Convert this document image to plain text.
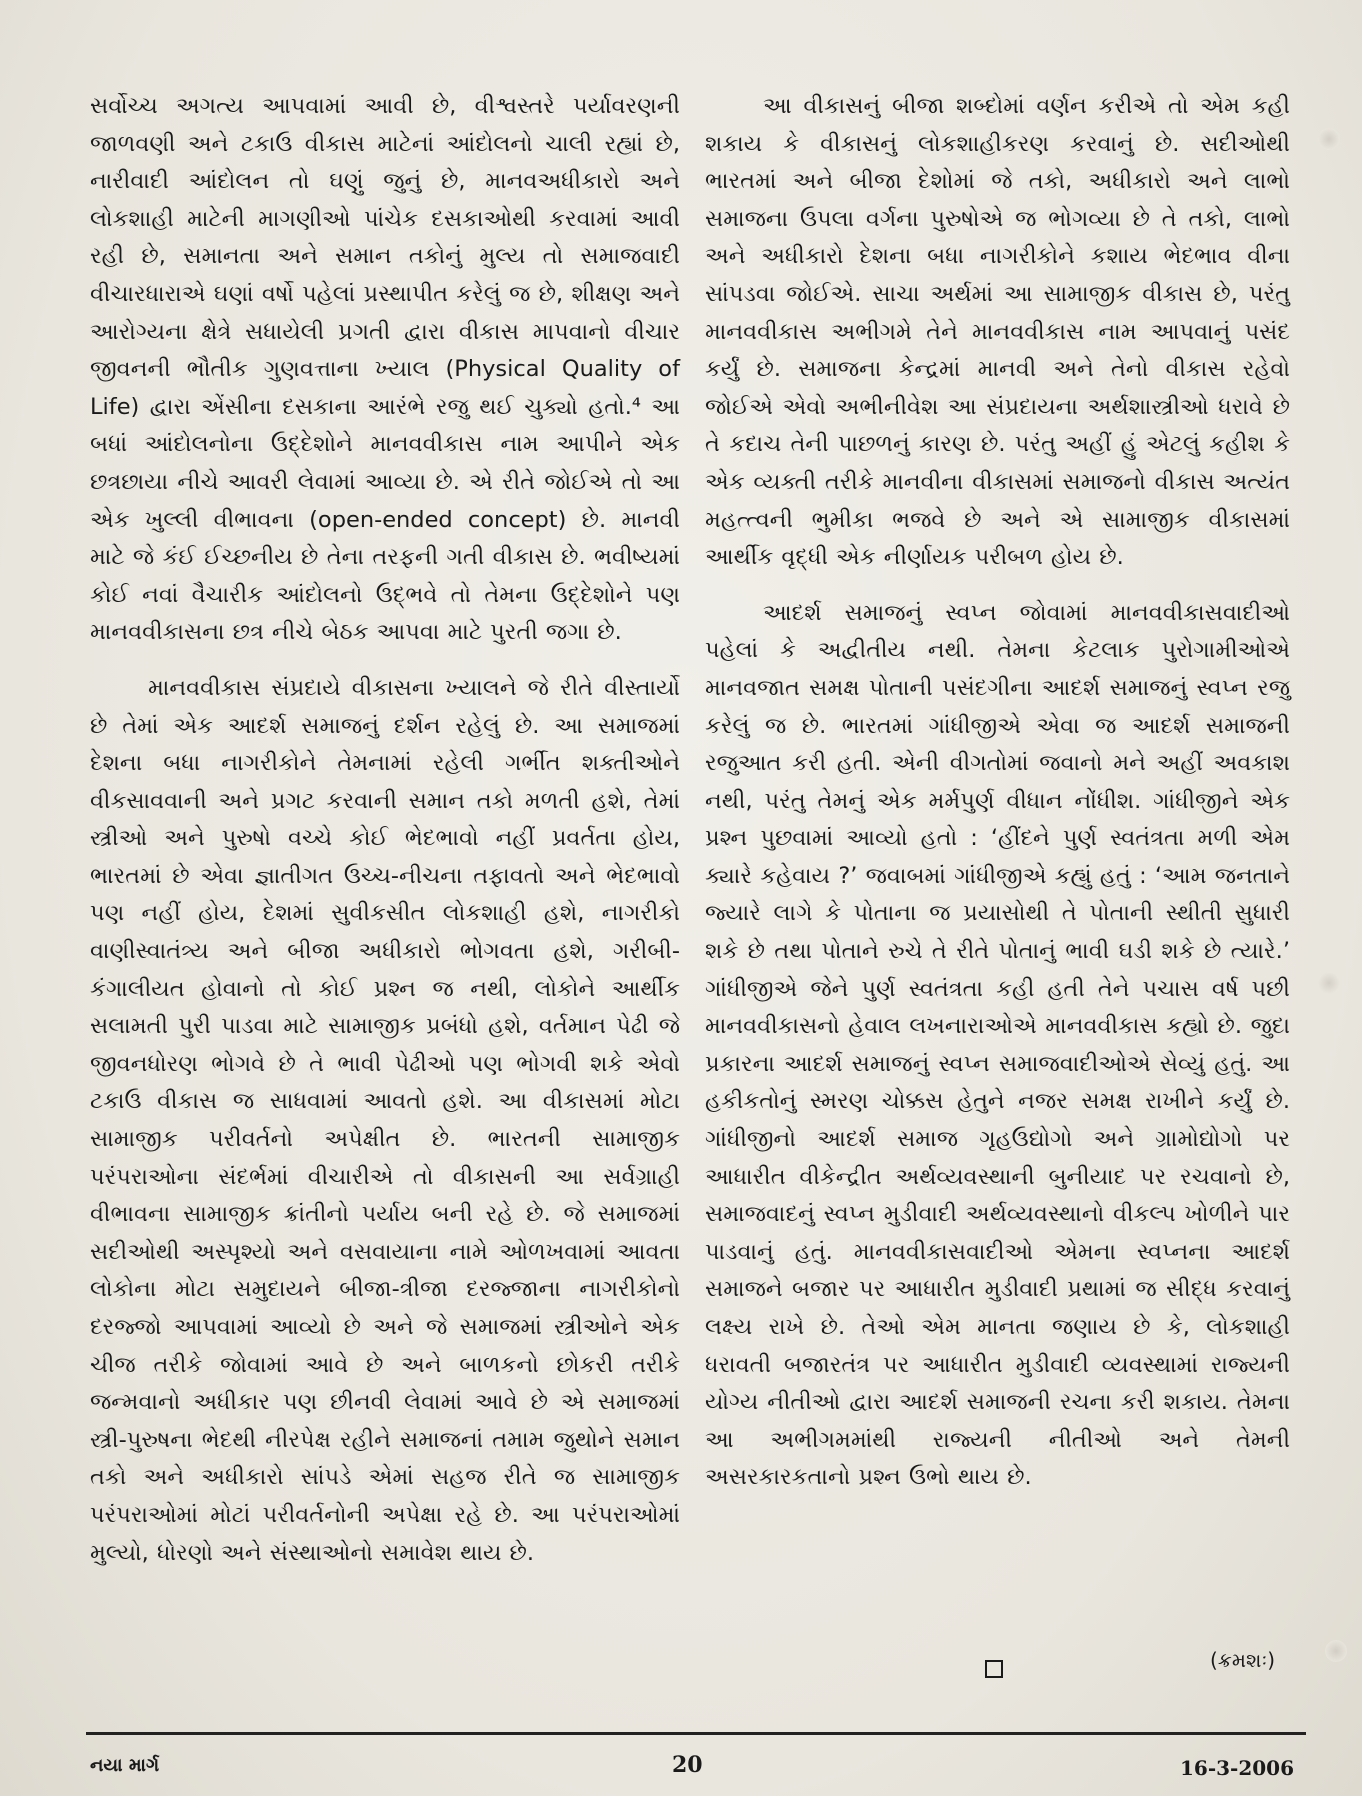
સર્વોચ્ચ અગત્ય આપવામાં આવી છે, વીશ્વસ્તરે પર્યાવરણની જાળવણી અને ટકાઉ વીકાસ માટેનાં આંદોલનો ચાલી રહ્યાં છે, નારીવાદી આંદોલન તો ઘણું જુનું છે, માનવઅધીકારો અને લોકશાહી માટેની માગણીઓ પાંચેક દસકાઓથી કરવામાં આવી રહી છે, સમાનતા અને સમાન તકોનું મુલ્ય તો સમાજવાદી વીચારધારાએ ઘણાં વર્ષો પહેલાં પ્રસ્થાપીત કરેલું જ છે, શીક્ષણ અને આરોગ્યના ક્ષેત્રે સધાયેલી પ્રગતી દ્વારા વીકાસ માપવાનો વીચાર જીવનની ભૌતીક ગુણવત્તાના ખ્યાલ (Physical Quality of Life) દ્વારા એંસીના દસકાના આરંભે રજુ થઈ ચુક્યો હતો.⁴ આ બધાં આંદોલનોના ઉદ્દેશોને માનવવીકાસ નામ આપીને એક છત્રછાયા નીચે આવરી લેવામાં આવ્યા છે. એ રીતે જોઈએ તો આ એક ખુલ્લી વીભાવના (open-ended concept) છે. માનવી માટે જે કંઈ ઈચ્છનીય છે તેના તરફની ગતી વીકાસ છે. ભવીષ્યમાં કોઈ નવાં વૈચારીક આંદોલનો ઉદ્ભવે તો તેમના ઉદ્દેશોને પણ માનવવીકાસના છત્ર નીચે બેઠક આપવા માટે પુરતી જગા છે.

માનવવીકાસ સંપ્રદાયે વીકાસના ખ્યાલને જે રીતે વીસ્તાર્યો છે તેમાં એક આદર્શ સમાજનું દર્શન રહેલું છે. આ સમાજમાં દેશના બધા નાગરીકોને તેમનામાં રહેલી ગર્ભીત શક્તીઓને વીકસાવવાની અને પ્રગટ કરવાની સમાન તકો મળતી હશે, તેમાં સ્ત્રીઓ અને પુરુષો વચ્ચે કોઈ ભેદભાવો નહીં પ્રવર્તતા હોય, ભારતમાં છે એવા જ્ઞાતીગત ઉચ્ચ-નીચના તફાવતો અને ભેદભાવો પણ નહીં હોય, દેશમાં સુવીકસીત લોકશાહી હશે, નાગરીકો વાણીસ્વાતંત્ર્ય અને બીજા અધીકારો ભોગવતા હશે, ગરીબી-કંગાલીયત હોવાનો તો કોઈ પ્રશ્ન જ નથી, લોકોને આર્થીક સલામતી પુરી પાડવા માટે સામાજીક પ્રબંધો હશે, વર્તમાન પેઢી જે જીવનધોરણ ભોગવે છે તે ભાવી પેઢીઓ પણ ભોગવી શકે એવો ટકાઉ વીકાસ જ સાધવામાં આવતો હશે. આ વીકાસમાં મોટા સામાજીક પરીવર્તનો અપેક્ષીત છે. ભારતની સામાજીક પરંપરાઓના સંદર્ભમાં વીચારીએ તો વીકાસની આ સર્વગ્રાહી વીભાવના સામાજીક ક્રાંતીનો પર્યાય બની રહે છે. જે સમાજમાં સદીઓથી અસ્પૃશ્યો અને વસવાયાના નામે ઓળખવામાં આવતા લોકોના મોટા સમુદાયને બીજા-ત્રીજા દરજ્જાના નાગરીકોનો દરજ્જો આપવામાં આવ્યો છે અને જે સમાજમાં સ્ત્રીઓને એક ચીજ તરીકે જોવામાં આવે છે અને બાળકનો છોકરી તરીકે જન્મવાનો અધીકાર પણ છીનવી લેવામાં આવે છે એ સમાજમાં સ્ત્રી-પુરુષના ભેદથી નીરપેક્ષ રહીને સમાજનાં તમામ જુથોને સમાન તકો અને અધીકારો સાંપડે એમાં સહજ રીતે જ સામાજીક પરંપરાઓમાં મોટાં પરીવર્તનોની અપેક્ષા રહે છે. આ પરંપરાઓમાં મુલ્યો, ધોરણો અને સંસ્થાઓનો સમાવેશ થાય છે.

આ વીકાસનું બીજા શબ્દોમાં વર્ણન કરીએ તો એમ કહી શકાય કે વીકાસનું લોકશાહીકરણ કરવાનું છે. સદીઓથી ભારતમાં અને બીજા દેશોમાં જે તકો, અધીકારો અને લાભો સમાજના ઉપલા વર્ગના પુરુષોએ જ ભોગવ્યા છે તે તકો, લાભો અને અધીકારો દેશના બધા નાગરીકોને કશાય ભેદભાવ વીના સાંપડવા જોઈએ. સાચા અર્થમાં આ સામાજીક વીકાસ છે, પરંતુ માનવવીકાસ અભીગમે તેને માનવવીકાસ નામ આપવાનું પસંદ કર્યું છે. સમાજના કેન્દ્રમાં માનવી અને તેનો વીકાસ રહેવો જોઈએ એવો અભીનીવેશ આ સંપ્રદાયના અર્થશાસ્ત્રીઓ ધરાવે છે તે કદાચ તેની પાછળનું કારણ છે. પરંતુ અહીં હું એટલું કહીશ કે એક વ્યક્તી તરીકે માનવીના વીકાસમાં સમાજનો વીકાસ અત્યંત મહત્ત્વની ભુમીકા ભજવે છે અને એ સામાજીક વીકાસમાં આર્થીક વૃદ્ધી એક નીર્ણાયક પરીબળ હોય છે.

આદર્શ સમાજનું સ્વપ્ન જોવામાં માનવવીકાસવાદીઓ પહેલાં કે અદ્વીતીય નથી. તેમના કેટલાક પુરોગામીઓએ માનવજાત સમક્ષ પોતાની પસંદગીના આદર્શ સમાજનું સ્વપ્ન રજુ કરેલું જ છે. ભારતમાં ગાંધીજીએ એવા જ આદર્શ સમાજની રજુઆત કરી હતી. એની વીગતોમાં જવાનો મને અહીં અવકાશ નથી, પરંતુ તેમનું એક મર્મપુર્ણ વીધાન નોંધીશ. ગાંધીજીને એક પ્રશ્ન પુછવામાં આવ્યો હતો : ‘હીંદને પુર્ણ સ્વતંત્રતા મળી એમ ક્યારે કહેવાય ?’ જવાબમાં ગાંધીજીએ કહ્યું હતું : ‘આમ જનતાને જ્યારે લાગે કે પોતાના જ પ્રયાસોથી તે પોતાની સ્થીતી સુધારી શકે છે તથા પોતાને રુચે તે રીતે પોતાનું ભાવી ઘડી શકે છે ત્યારે.’ ગાંધીજીએ જેને પુર્ણ સ્વતંત્રતા કહી હતી તેને પચાસ વર્ષ પછી માનવવીકાસનો હેવાલ લખનારાઓએ માનવવીકાસ કહ્યો છે. જુદા પ્રકારના આદર્શ સમાજનું સ્વપ્ન સમાજવાદીઓએ સેવ્યું હતું. આ હકીકતોનું સ્મરણ ચોક્કસ હેતુને નજર સમક્ષ રાખીને કર્યું છે. ગાંધીજીનો આદર્શ સમાજ ગૃહઉદ્યોગો અને ગ્રામોદ્યોગો પર આધારીત વીકેન્દ્રીત અર્થવ્યવસ્થાની બુનીયાદ પર રચવાનો છે, સમાજવાદનું સ્વપ્ન મુડીવાદી અર્થવ્યવસ્થાનો વીકલ્પ ખોળીને પાર પાડવાનું હતું. માનવવીકાસવાદીઓ એમના સ્વપ્નના આદર્શ સમાજને બજાર પર આધારીત મુડીવાદી પ્રથામાં જ સીદ્ધ કરવાનું લક્ષ્ય રાખે છે. તેઓ એમ માનતા જણાય છે કે, લોકશાહી ધરાવતી બજારતંત્ર પર આધારીત મુડીવાદી વ્યવસ્થામાં રાજ્યની યોગ્ય નીતીઓ દ્વારા આદર્શ સમાજની રચના કરી શકાય. તેમના આ અભીગમમાંથી રાજ્યની નીતીઓ અને તેમની અસરકારકતાનો પ્રશ્ન ઉભો થાય છે.

(ક્રમશઃ)
નયા માર્ગ	20	16-3-2006
